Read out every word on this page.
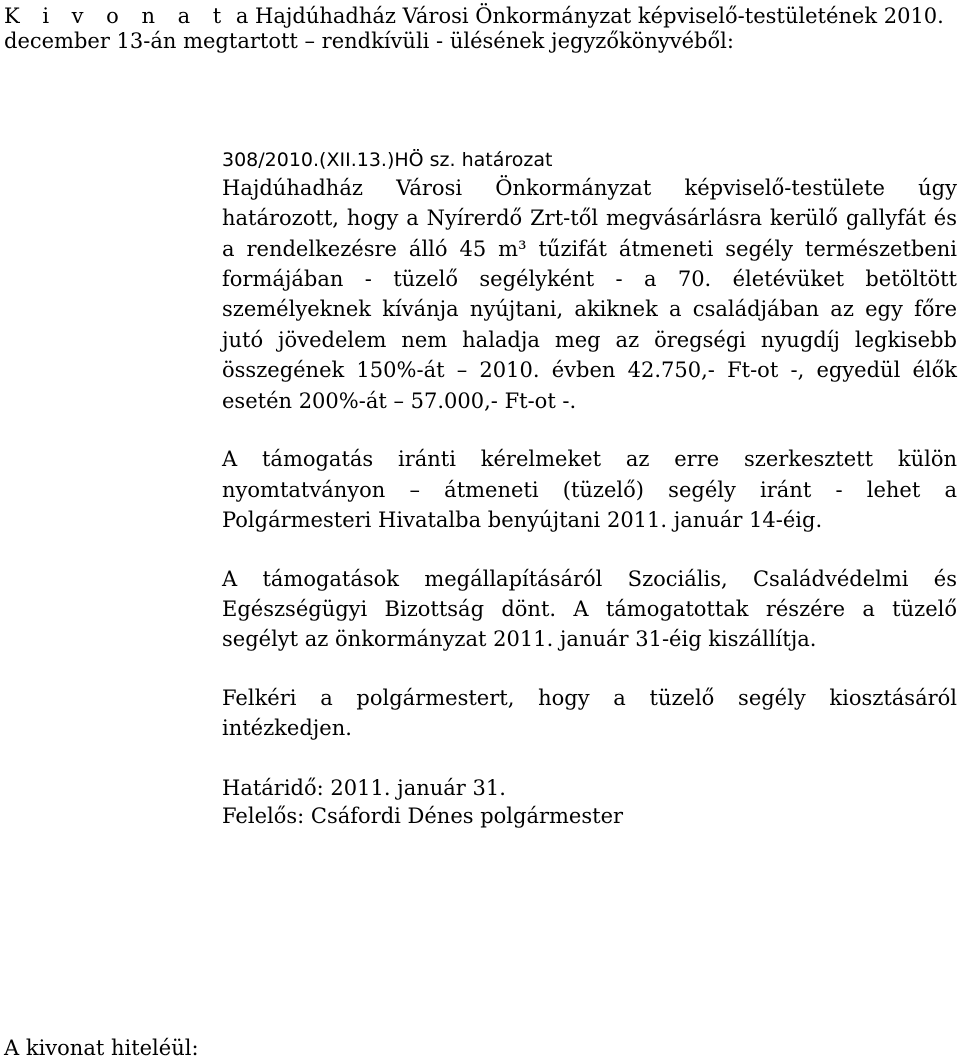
K i v o n a t a Hajdúhadház Városi Önkormányzat képviselő-testületének 2010.
december 13-án megtartott – rendkívüli - ülésének jegyzőkönyvéből:

308/2010.(XII.13.)HÖ sz. határozat

Hajdúhadház Városi Önkormányzat képviselő-testülete úgy határozott, hogy a Nyírerdő Zrt-től megvásárlásra kerülő gallyfát és a rendelkezésre álló 45 m³ tűzifát átmeneti segély természetbeni formájában - tüzelő segélyként - a 70. életévüket betöltött személyeknek kívánja nyújtani, akiknek a családjában az egy főre jutó jövedelem nem haladja meg az öregségi nyugdíj legkisebb összegének 150%-át – 2010. évben 42.750,- Ft-ot -, egyedül élők esetén 200%-át – 57.000,- Ft-ot -.

A támogatás iránti kérelmeket az erre szerkesztett külön nyomtatványon – átmeneti (tüzelő) segély iránt - lehet a Polgármesteri Hivatalba benyújtani 2011. január 14-éig.

A támogatások megállapításáról Szociális, Családvédelmi és Egészségügyi Bizottság dönt. A támogatottak részére a tüzelő segélyt az önkormányzat 2011. január 31-éig kiszállítja.

Felkéri a polgármestert, hogy a tüzelő segély kiosztásáról intézkedjen.

Határidő: 2011. január 31.

Felelős: Csáfordi Dénes polgármester

A kivonat hiteléül:
